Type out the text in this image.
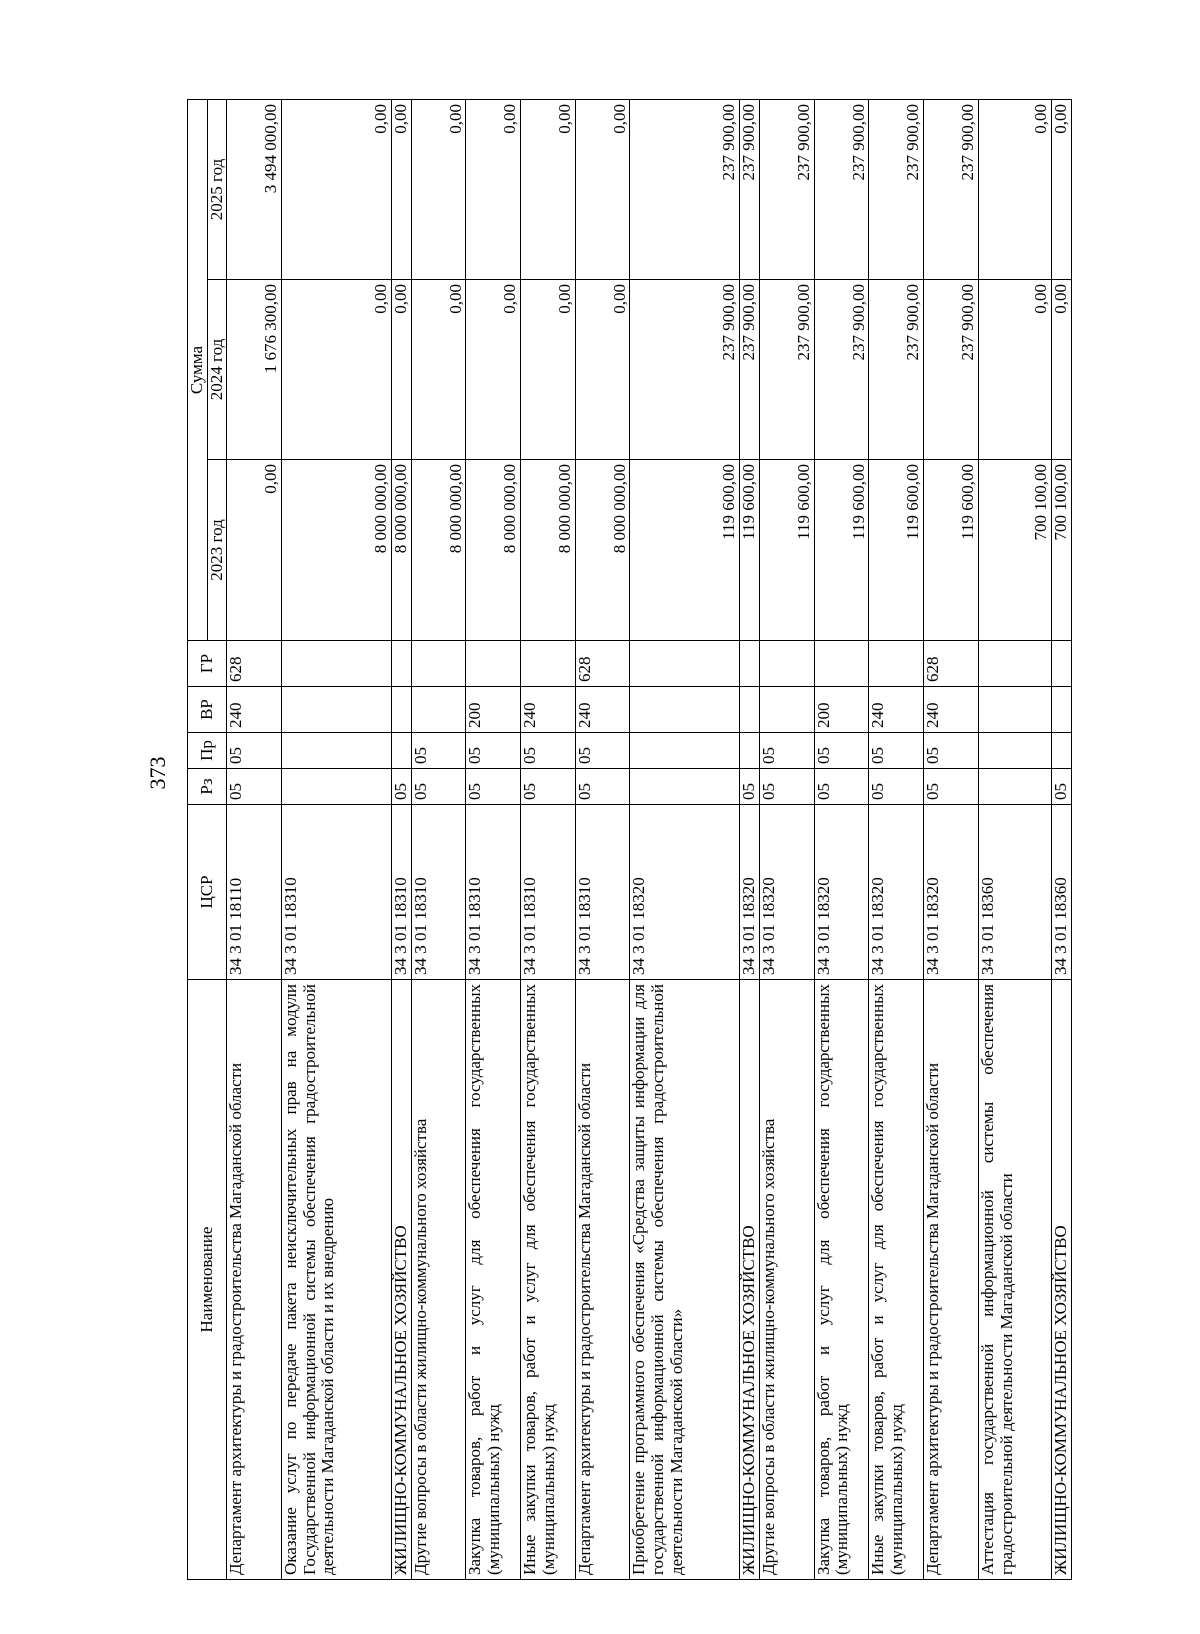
373
Наименование	ЦСР	Рз	Пр	ВР	ГР	Сумма		
						2023 год	2024 год	2025 год
Департамент архитектуры и градостроительства Магаданской области	34 3 01 18110	05	05	240	628	0,00	1 676 300,00	3 494 000,00
Оказание услуг по передаче пакета неисключительных прав на модули Государственной информационной системы обеспечения градостроительной деятельности Магаданской области и их внедрению	34 3 01 18310					8 000 000,00	0,00	0,00
ЖИЛИЩНО-КОММУНАЛЬНОЕ ХОЗЯЙСТВО	34 3 01 18310	05				8 000 000,00	0,00	0,00
Другие вопросы в области жилищно-коммунального хозяйства	34 3 01 18310	05	05			8 000 000,00	0,00	0,00
Закупка товаров, работ и услуг для обеспечения государственных (муниципальных) нужд	34 3 01 18310	05	05	200		8 000 000,00	0,00	0,00
Иные закупки товаров, работ и услуг для обеспечения государственных (муниципальных) нужд	34 3 01 18310	05	05	240		8 000 000,00	0,00	0,00
Департамент архитектуры и градостроительства Магаданской области	34 3 01 18310	05	05	240	628	8 000 000,00	0,00	0,00
Приобретение программного обеспечения «Средства защиты информации для государственной информационной системы обеспечения градостроительной деятельности Магаданской области»	34 3 01 18320					119 600,00	237 900,00	237 900,00
ЖИЛИЩНО-КОММУНАЛЬНОЕ ХОЗЯЙСТВО	34 3 01 18320	05				119 600,00	237 900,00	237 900,00
Другие вопросы в области жилищно-коммунального хозяйства	34 3 01 18320	05	05			119 600,00	237 900,00	237 900,00
Закупка товаров, работ и услуг для обеспечения государственных (муниципальных) нужд	34 3 01 18320	05	05	200		119 600,00	237 900,00	237 900,00
Иные закупки товаров, работ и услуг для обеспечения государственных (муниципальных) нужд	34 3 01 18320	05	05	240		119 600,00	237 900,00	237 900,00
Департамент архитектуры и градостроительства Магаданской области	34 3 01 18320	05	05	240	628	119 600,00	237 900,00	237 900,00
Аттестация государственной информационной системы обеспечения градостроительной деятельности Магаданской области	34 3 01 18360					700 100,00	0,00	0,00
ЖИЛИЩНО-КОММУНАЛЬНОЕ ХОЗЯЙСТВО	34 3 01 18360	05				700 100,00	0,00	0,00
